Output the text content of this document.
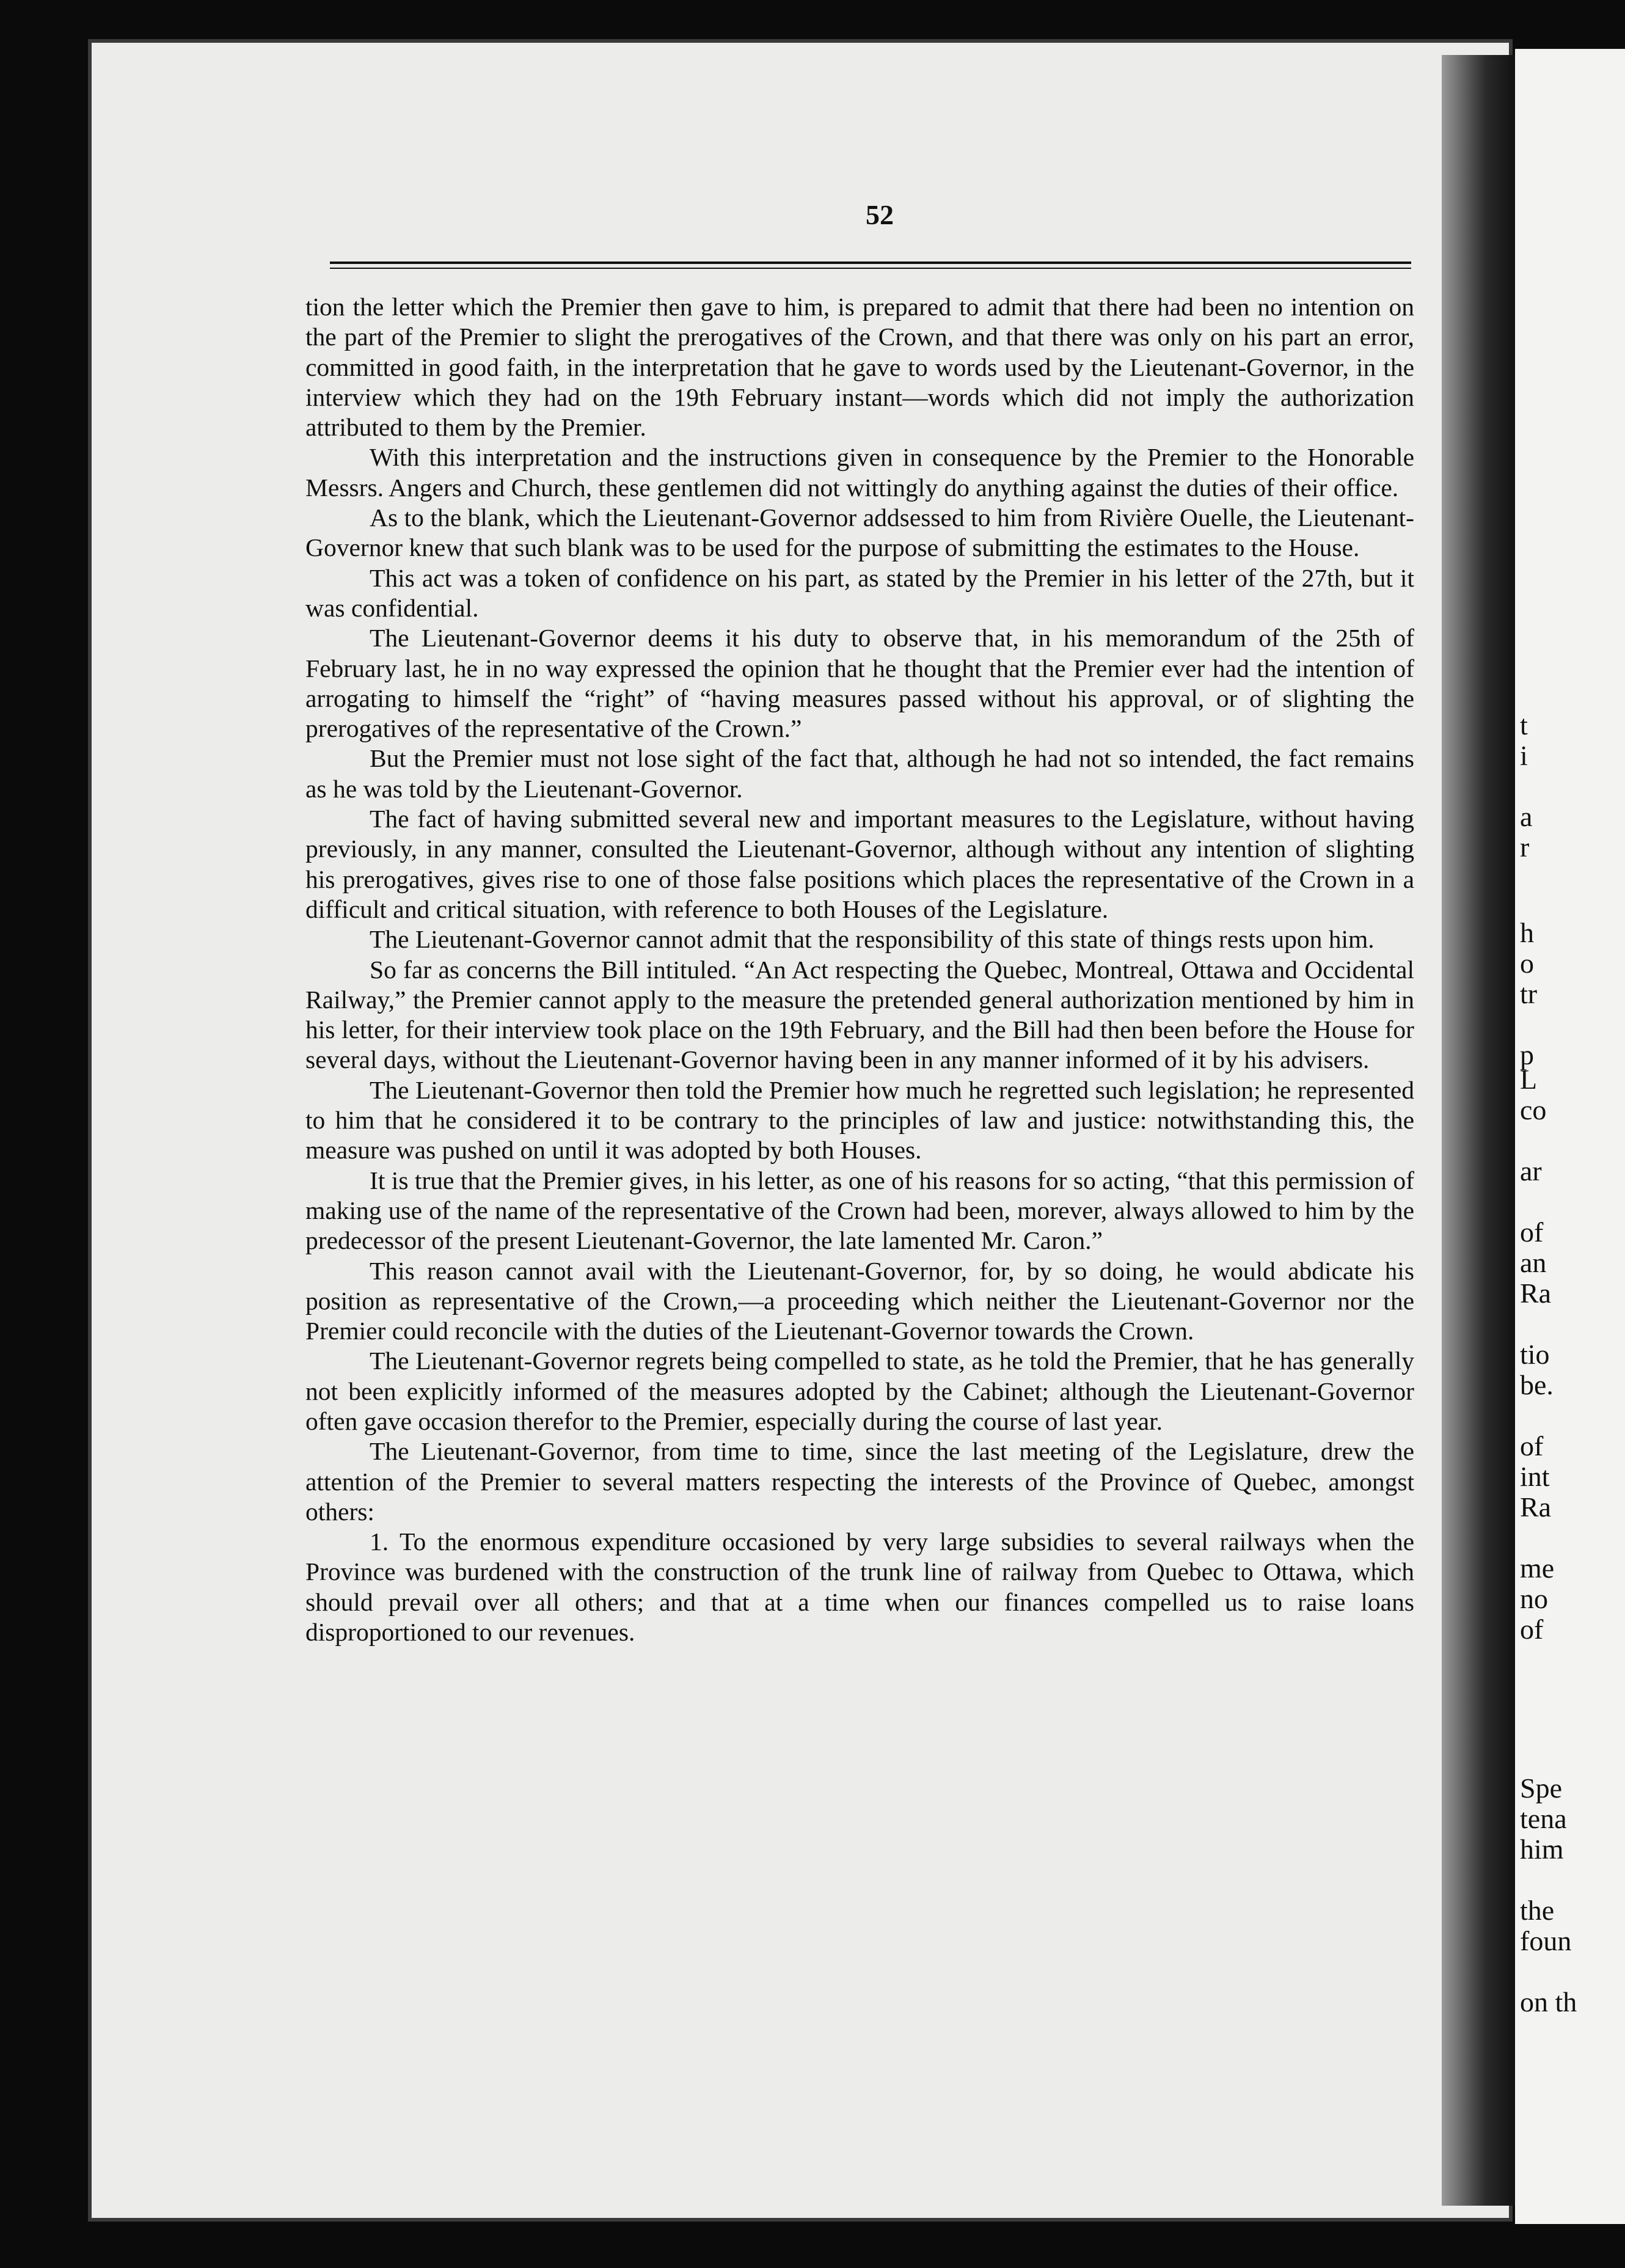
t
i
a
r
h
o
tr
p
L
co
ar
of
an
Ra
tio
be.
of
int
Ra
me
no
of
Spe
tena
him
the
foun
on th
52

tion the letter which the Premier then gave to him, is prepared to admit that there had been no intention on the part of the Premier to slight the prerogatives of the Crown, and that there was only on his part an error, committed in good faith, in the interpretation that he gave to words used by the Lieutenant-Governor, in the interview which they had on the 19th February instant—words which did not imply the authorization attributed to them by the Premier.

With this interpretation and the instructions given in consequence by the Premier to the Honorable Messrs. Angers and Church, these gentlemen did not wittingly do anything against the duties of their office.

As to the blank, which the Lieutenant-Governor addsessed to him from Rivière Ouelle, the Lieutenant-Governor knew that such blank was to be used for the purpose of submitting the estimates to the House.

This act was a token of confidence on his part, as stated by the Premier in his letter of the 27th, but it was confidential.

The Lieutenant-Governor deems it his duty to observe that, in his memorandum of the 25th of February last, he in no way expressed the opinion that he thought that the Premier ever had the intention of arrogating to himself the “right” of “having measures passed without his approval, or of slighting the prerogatives of the representative of the Crown.”

But the Premier must not lose sight of the fact that, although he had not so intended, the fact remains as he was told by the Lieutenant-Governor.

The fact of having submitted several new and important measures to the Legislature, without having previously, in any manner, consulted the Lieutenant-Governor, although without any intention of slighting his prerogatives, gives rise to one of those false positions which places the representative of the Crown in a difficult and critical situation, with reference to both Houses of the Legislature.

The Lieutenant-Governor cannot admit that the responsibility of this state of things rests upon him.

So far as concerns the Bill intituled. “An Act respecting the Quebec, Montreal, Ottawa and Occidental Railway,” the Premier cannot apply to the measure the pretended general authorization mentioned by him in his letter, for their interview took place on the 19th February, and the Bill had then been before the House for several days, without the Lieutenant-Governor having been in any manner informed of it by his advisers.

The Lieutenant-Governor then told the Premier how much he regretted such legislation; he represented to him that he considered it to be contrary to the principles of law and justice: notwithstanding this, the measure was pushed on until it was adopted by both Houses.

It is true that the Premier gives, in his letter, as one of his reasons for so acting, “that this permission of making use of the name of the representative of the Crown had been, morever, always allowed to him by the predecessor of the present Lieutenant-Governor, the late lamented Mr. Caron.”

This reason cannot avail with the Lieutenant-Governor, for, by so doing, he would abdicate his position as representative of the Crown,—a proceeding which neither the Lieutenant-Governor nor the Premier could reconcile with the duties of the Lieutenant-Governor towards the Crown.

The Lieutenant-Governor regrets being compelled to state, as he told the Premier, that he has generally not been explicitly informed of the measures adopted by the Cabinet; although the Lieutenant-Governor often gave occasion therefor to the Premier, especially during the course of last year.

The Lieutenant-Governor, from time to time, since the last meeting of the Legislature, drew the attention of the Premier to several matters respecting the interests of the Province of Quebec, amongst others:

1. To the enormous expenditure occasioned by very large subsidies to several railways when the Province was burdened with the construction of the trunk line of railway from Quebec to Ottawa, which should prevail over all others; and that at a time when our finances compelled us to raise loans disproportioned to our revenues.
